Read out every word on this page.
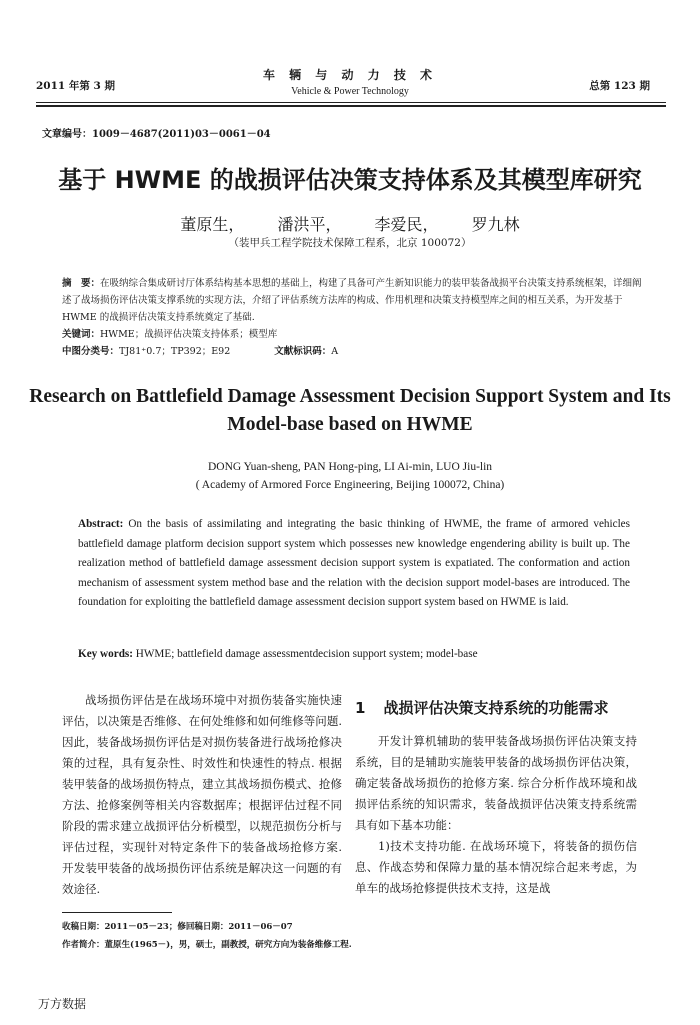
2011 年第 3 期
车 辆 与 动 力 技 术
Vehicle & Power Technology	总第 123 期
文章编号：1009－4687(2011)03－0061－04
基于 HWME 的战损评估决策支持体系及其模型库研究
董原生， 潘洪平， 李爱民， 罗九林
（装甲兵工程学院技术保障工程系，北京 100072）

摘　要：在吸纳综合集成研讨厅体系结构基本思想的基础上，构建了具备可产生新知识能力的装甲装备战损平台决策支持系统框架，详细阐述了战场损伤评估决策支撑系统的实现方法，介绍了评估系统方法库的构成、作用机理和决策支持模型库之间的相互关系，为开发基于 HWME 的战损评估决策支持系统奠定了基础.

关键词：HWME；战损评估决策支持体系；模型库

中图分类号：TJ81⁺0.7；TP392；E92	文献标识码：A

Research on Battlefield Damage Assessment Decision Support System and Its Model-base based on HWME
DONG Yuan-sheng, PAN Hong-ping, LI Ai-min, LUO Jiu-lin
( Academy of Armored Force Engineering, Beijing 100072, China)
Abstract: On the basis of assimilating and integrating the basic thinking of HWME, the frame of armored vehicles battlefield damage platform decision support system which possesses new knowledge engendering ability is built up. The realization method of battlefield damage assessment decision support system is expatiated. The conformation and action mechanism of assessment system method base and the relation with the decision support model-bases are introduced. The foundation for exploiting the battlefield damage assessment decision support system based on HWME is laid.
Key words: HWME; battlefield damage assessmentdecision support system; model-base

战场损伤评估是在战场环境中对损伤装备实施快速评估，以决策是否维修、在何处维修和如何维修等问题. 因此，装备战场损伤评估是对损伤装备进行战场抢修决策的过程，具有复杂性、时效性和快速性的特点. 根据装甲装备的战场损伤特点，建立其战场损伤模式、抢修方法、抢修案例等相关内容数据库；根据评估过程不同阶段的需求建立战损评估分析模型，以规范损伤分析与评估过程，实现针对特定条件下的装备战场抢修方案. 开发装甲装备的战场损伤评估系统是解决这一问题的有效途径.

1 战损评估决策支持系统的功能需求

开发计算机辅助的装甲装备战场损伤评估决策支持系统，目的是辅助实施装甲装备的战场损伤评估决策，确定装备战场损伤的抢修方案. 综合分析作战环境和战损评估系统的知识需求，装备战损评估决策支持系统需具有如下基本功能：

1)技术支持功能. 在战场环境下，将装备的损伤信息、作战态势和保障力量的基本情况综合起来考虑，为单车的战场抢修提供技术支持，这是战

收稿日期：2011－05－23；修回稿日期：2011－06－07
作者简介：董原生(1965－)，男，硕士，副教授，研究方向为装备维修工程.
万方数据
